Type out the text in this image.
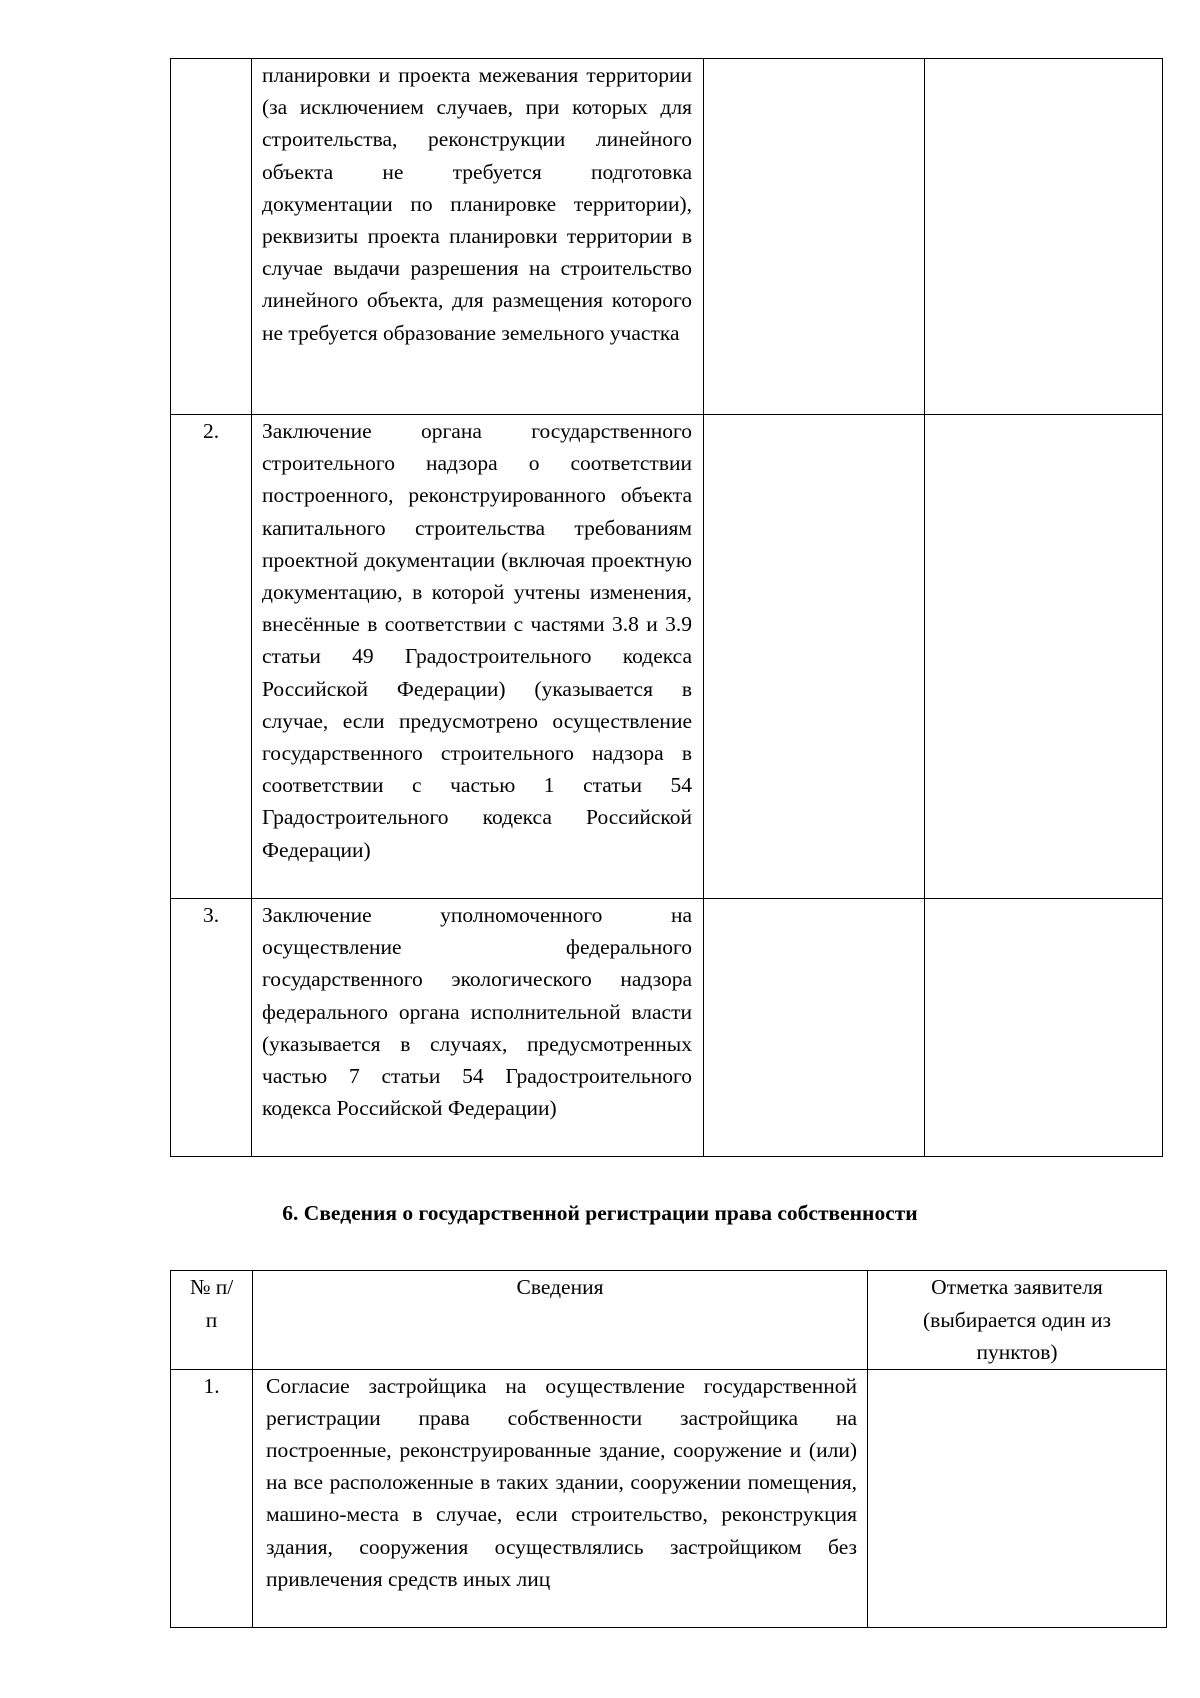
	планировки и проекта межевания территории (за исключением случаев, при которых для строительства, реконструкции линейного объекта не требуется подготовка документации по планировке территории), реквизиты проекта планировки территории в случае выдачи разрешения на строительство линейного объекта, для размещения которого не требуется образование земельного участка		
2.	Заключение органа государственного строительного надзора о соответствии построенного, реконструированного объекта капитального строительства требованиям проектной документации (включая проектную документацию, в которой учтены изменения, внесённые в соответствии с частями 3.8 и 3.9 статьи 49 Градостроительного кодекса Российской Федерации) (указывается в случае, если предусмотрено осуществление государственного строительного надзора в соответствии с частью 1 статьи 54 Градостроительного кодекса Российской Федерации)		
3.	Заключение уполномоченного на осуществление федерального государственного экологического надзора федерального органа исполнительной власти (указывается в случаях, предусмотренных частью 7 статьи 54 Градостроительного кодекса Российской Федерации)		
6. Сведения о государственной регистрации права собственности
№ п/п	Сведения	Отметка заявителя (выбирается один из пунктов)
1.	Согласие застройщика на осуществление государственной регистрации права собственности застройщика на построенные, реконструированные здание, сооружение и (или) на все расположенные в таких здании, сооружении помещения, машино-места в случае, если строительство, реконструкция здания, сооружения осуществлялись застройщиком без привлечения средств иных лиц	
